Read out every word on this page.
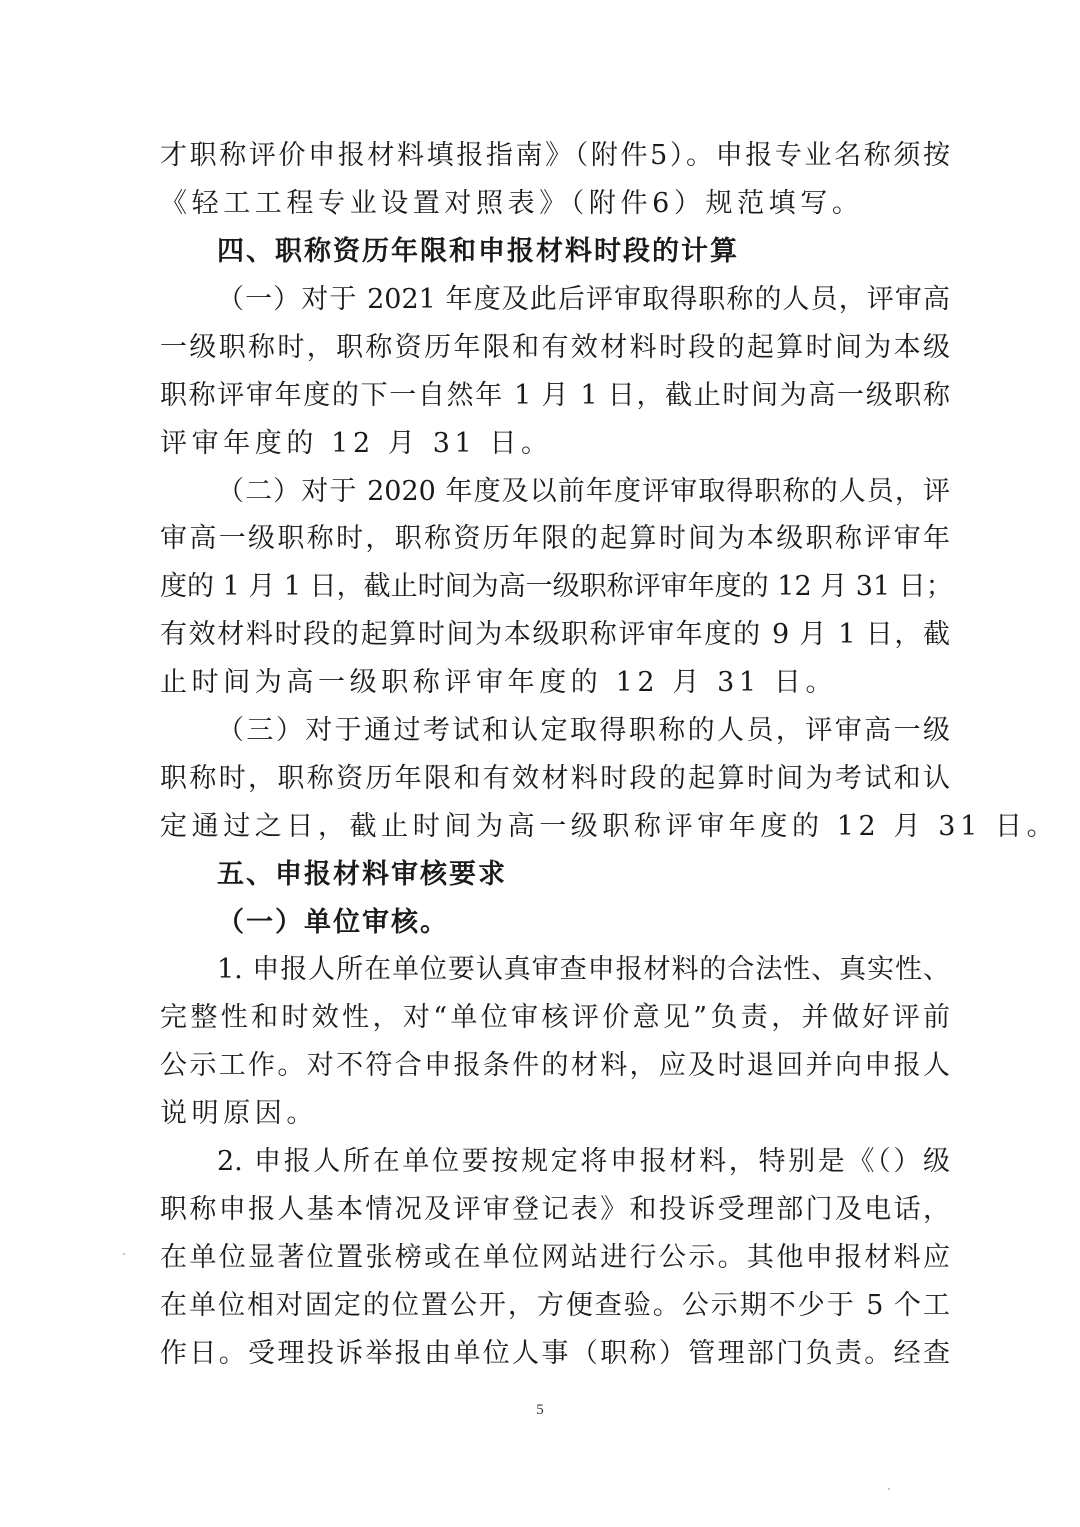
才职称评价申报材料填报指南》（附件5）。申报专业名称须按
《轻工工程专业设置对照表》（附件6）规范填写。
四、职称资历年限和申报材料时段的计算
（一）对于 2021 年度及此后评审取得职称的人员，评审高
一级职称时，职称资历年限和有效材料时段的起算时间为本级
职称评审年度的下一自然年 1 月 1 日，截止时间为高一级职称
评审年度的 12 月 31 日。
（二）对于 2020 年度及以前年度评审取得职称的人员，评
审高一级职称时，职称资历年限的起算时间为本级职称评审年
度的 1 月 1 日，截止时间为高一级职称评审年度的 12 月 31 日；
有效材料时段的起算时间为本级职称评审年度的 9 月 1 日，截
止时间为高一级职称评审年度的 12 月 31 日。
（三）对于通过考试和认定取得职称的人员，评审高一级
职称时，职称资历年限和有效材料时段的起算时间为考试和认
定通过之日，截止时间为高一级职称评审年度的 12 月 31 日。
五、申报材料审核要求
（一）单位审核。
1. 申报人所在单位要认真审查申报材料的合法性、真实性、
完整性和时效性，对“单位审核评价意见”负责，并做好评前
公示工作。对不符合申报条件的材料，应及时退回并向申报人
说明原因。
2. 申报人所在单位要按规定将申报材料，特别是《（）级
职称申报人基本情况及评审登记表》和投诉受理部门及电话，
在单位显著位置张榜或在单位网站进行公示。其他申报材料应
在单位相对固定的位置公开，方便查验。公示期不少于 5 个工
作日。受理投诉举报由单位人事（职称）管理部门负责。经查
5
